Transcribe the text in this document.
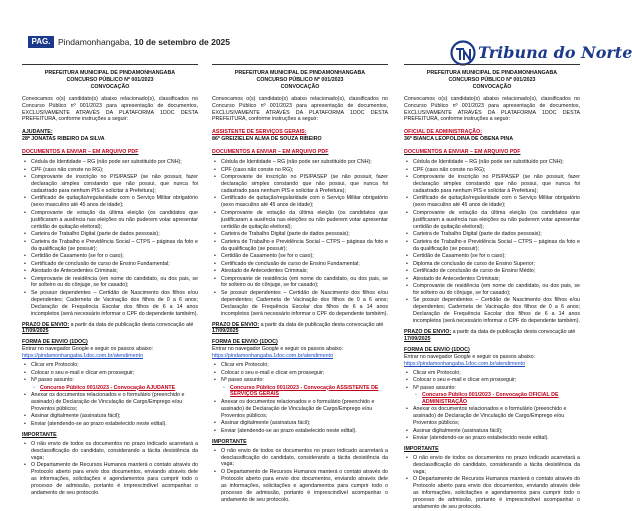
PAG. 10
Pindamonhangaba, 10 de setembro de 2025
Tribuna do Norte
PREFEITURA MUNICIPAL DE PINDAMONHANGABA
CONCURSO PÚBLICO Nº 001/2023
CONVOCAÇÃO
Convocamos o(s) candidato(s) abaixo relacionado(s), classificados no Concurso Público nº 001/2023 para apresentação de documentos, EXCLUSIVAMENTE ATRAVÉS DA PLATAFORMA 1DOC DESTA PREFEITURA, conforme instruções a seguir:
AJUDANTE:
28º JONATAS RIBEIRO DA SILVA
DOCUMENTOS A ENVIAR – EM ARQUIVO PDF
• Cédula de Identidade – RG (não pode ser substituído por CNH);
• CPF (caso não conste no RG);
• Comprovante de inscrição no PIS/PASEP (se não possuir, fazer declaração simples constando que não possui, que nunca foi cadastrado para nenhum PIS e solicitar à Prefeitura);
• Certificado de quitação/regularidade com o Serviço Militar obrigatório (sexo masculino até 45 anos de idade);
• Comprovante de votação da última eleição (os candidatos que justificaram a ausência nas eleições ou não puderem votar apresentar certidão de quitação eleitoral);
• Carteira de Trabalho Digital (parte de dados pessoais);
• Carteira de Trabalho e Previdência Social – CTPS – páginas da foto e da qualificação (se possuir);
• Certidão de Casamento (se for o caso);
• Certificado de conclusão de curso de Ensino Fundamental;
• Atestado de Antecedentes Criminais;
• Comprovante de residência (em nome do candidato, ou dos pais, se for solteiro ou do cônjuge, se for casado);
• Se possuir dependentes – Certidão de Nascimento dos filhos e/ou dependentes; Caderneta de Vacinação dos filhos de 0 a 6 anos; Declaração de Frequência Escolar dos filhos de 6 a 14 anos incompletos (será necessário informar o CPF do dependente também).
PRAZO DE ENVIO: a partir da data de publicação desta convocação até 17/09/2025
FORMA DE ENVIO (1DOC)
Entrar no navegador Google e seguir os passos abaixo:
https://pindamonhangaba.1doc.com.br/atendimento
• Clicar em Protocolo;
• Colocar o seu e-mail e clicar em prosseguir;
• Nº passo assunto:
◦ Concurso Público 001/2023 - Convocação AJUDANTE
• Anexar os documentos relacionados e o formulário (preenchido e assinado) de Declaração de Vinculação de Cargo/Emprego e/ou Proventos públicos;
• Assinar digitalmente (assinatura fácil);
• Enviar (atendendo-se ao prazo estabelecido neste edital).
IMPORTANTE
• O não envio de todos os documentos no prazo indicado acarretará a desclassificação do candidato, considerando a tácita desistência da vaga;
• O Departamento de Recursos Humanos manterá o contato através do Protocolo aberto para envio dos documentos, enviando através dele as informações, solicitações e agendamentos para cumprir todo o processo de admissão, portanto é imprescindível acompanhar o andamento de seu protocolo.
PREFEITURA MUNICIPAL DE PINDAMONHANGABA
CONCURSO PÚBLICO Nº 001/2023
CONVOCAÇÃO
Convocamos o(s) candidato(s) abaixo relacionado(s), classificados no Concurso Público nº 001/2023 para apresentação de documentos, EXCLUSIVAMENTE ATRAVÉS DA PLATAFORMA 1DOC DESTA PREFEITURA, conforme instruções a seguir:
ASSISTENTE DE SERVIÇOS GERAIS:
86º GREIZIELEN ALMA DE SOUZA RIBEIRO
DOCUMENTOS A ENVIAR – EM ARQUIVO PDF
• Cédula de Identidade – RG (não pode ser substituído por CNH);
• CPF (caso não conste no RG);
• Comprovante de inscrição no PIS/PASEP (se não possuir, fazer declaração simples constando que não possui, que nunca foi cadastrado para nenhum PIS e solicitar à Prefeitura);
• Certificado de quitação/regularidade com o Serviço Militar obrigatório (sexo masculino até 45 anos de idade);
• Comprovante de votação da última eleição (os candidatos que justificaram a ausência nas eleições ou não puderem votar apresentar certidão de quitação eleitoral);
• Carteira de Trabalho Digital (parte de dados pessoais);
• Carteira de Trabalho e Previdência Social – CTPS – páginas da foto e da qualificação (se possuir);
• Certidão de Casamento (se for o caso);
• Certificado de conclusão de curso de Ensino Fundamental;
• Atestado de Antecedentes Criminais;
• Comprovante de residência (em nome do candidato, ou dos pais, se for solteiro ou do cônjuge, se for casado);
• Se possuir dependentes – Certidão de Nascimento dos filhos e/ou dependentes; Caderneta de Vacinação dos filhos de 0 a 6 anos; Declaração de Frequência Escolar dos filhos de 6 a 14 anos incompletos (será necessário informar o CPF do dependente também).
PRAZO DE ENVIO: a partir da data de publicação desta convocação até 17/09/2025
FORMA DE ENVIO (1DOC)
Entrar no navegador Google e seguir os passos abaixo:
https://pindamonhangaba.1doc.com.br/atendimento
• Clicar em Protocolo;
• Colocar o seu e-mail e clicar em prosseguir;
• Nº passo assunto:
◦ Concurso Público 001/2023 - Convocação ASSISTENTE DE SERVIÇOS GERAIS
• Anexar os documentos relacionados e o formulário (preenchido e assinado) de Declaração de Vinculação de Cargo/Emprego e/ou Proventos públicos;
• Assinar digitalmente (assinatura fácil);
• Enviar (atendendo-se ao prazo estabelecido neste edital).
IMPORTANTE
• O não envio de todos os documentos no prazo indicado acarretará a desclassificação do candidato, considerando a tácita desistência da vaga;
• O Departamento de Recursos Humanos manterá o contato através do Protocolo aberto para envio dos documentos, enviando através dele as informações, solicitações e agendamentos para cumprir todo o processo de admissão, portanto é imprescindível acompanhar o andamento de seu protocolo.
PREFEITURA MUNICIPAL DE PINDAMONHANGABA
CONCURSO PÚBLICO Nº 001/2023
CONVOCAÇÃO
Convocamos o(s) candidato(s) abaixo relacionado(s), classificados no Concurso Público nº 001/2023 para apresentação de documentos, EXCLUSIVAMENTE ATRAVÉS DA PLATAFORMA 1DOC DESTA PREFEITURA, conforme instruções a seguir:
OFICIAL DE ADMINISTRAÇÃO:
36º BIANCA LEOPOLDINA DE OBENA PINA
DOCUMENTOS A ENVIAR – EM ARQUIVO PDF
• Cédula de Identidade – RG (não pode ser substituído por CNH);
• CPF (caso não conste no RG);
• Comprovante de inscrição no PIS/PASEP (se não possuir, fazer declaração simples constando que não possui, que nunca foi cadastrado para nenhum PIS e solicitar à Prefeitura);
• Certificado de quitação/regularidade com o Serviço Militar obrigatório (sexo masculino até 45 anos de idade);
• Comprovante de votação da última eleição (os candidatos que justificaram a ausência nas eleições ou não puderem votar apresentar certidão de quitação eleitoral);
• Carteira de Trabalho Digital (parte de dados pessoais);
• Carteira de Trabalho e Previdência Social – CTPS – páginas da foto e da qualificação (se possuir);
• Certidão de Casamento (se for o caso);
• Diploma de conclusão de curso de Ensino Superior;
• Certificado de conclusão de curso de Ensino Médio;
• Atestado de Antecedentes Criminais;
• Comprovante de residência (em nome do candidato, ou dos pais, se for solteiro ou do cônjuge, se for casado);
• Se possuir dependentes – Certidão de Nascimento dos filhos e/ou dependentes; Caderneta de Vacinação dos filhos de 0 a 6 anos; Declaração de Frequência Escolar dos filhos de 6 a 14 anos incompletos (será necessário informar o CPF do dependente também).
PRAZO DE ENVIO: a partir da data de publicação desta convocação até 17/09/2025
FORMA DE ENVIO (1DOC)
Entrar no navegador Google e seguir os passos abaixo:
https://pindamonhangaba.1doc.com.br/atendimento
• Clicar em Protocolo;
• Colocar o seu e-mail e clicar em prosseguir;
• Nº passo assunto:
◦ Concurso Público 001/2023 - Convocação OFICIAL DE ADMINISTRAÇÃO
• Anexar os documentos relacionados e o formulário (preenchido e assinado) de Declaração de Vinculação de Cargo/Emprego e/ou Proventos públicos;
• Assinar digitalmente (assinatura fácil);
• Enviar (atendendo-se ao prazo estabelecido neste edital).
IMPORTANTE
• O não envio de todos os documentos no prazo indicado acarretará a desclassificação do candidato, considerando a tácita desistência da vaga;
• O Departamento de Recursos Humanos manterá o contato através do Protocolo aberto para envio dos documentos, enviando através dele as informações, solicitações e agendamentos para cumprir todo o processo de admissão, portanto é imprescindível acompanhar o andamento de seu protocolo.
